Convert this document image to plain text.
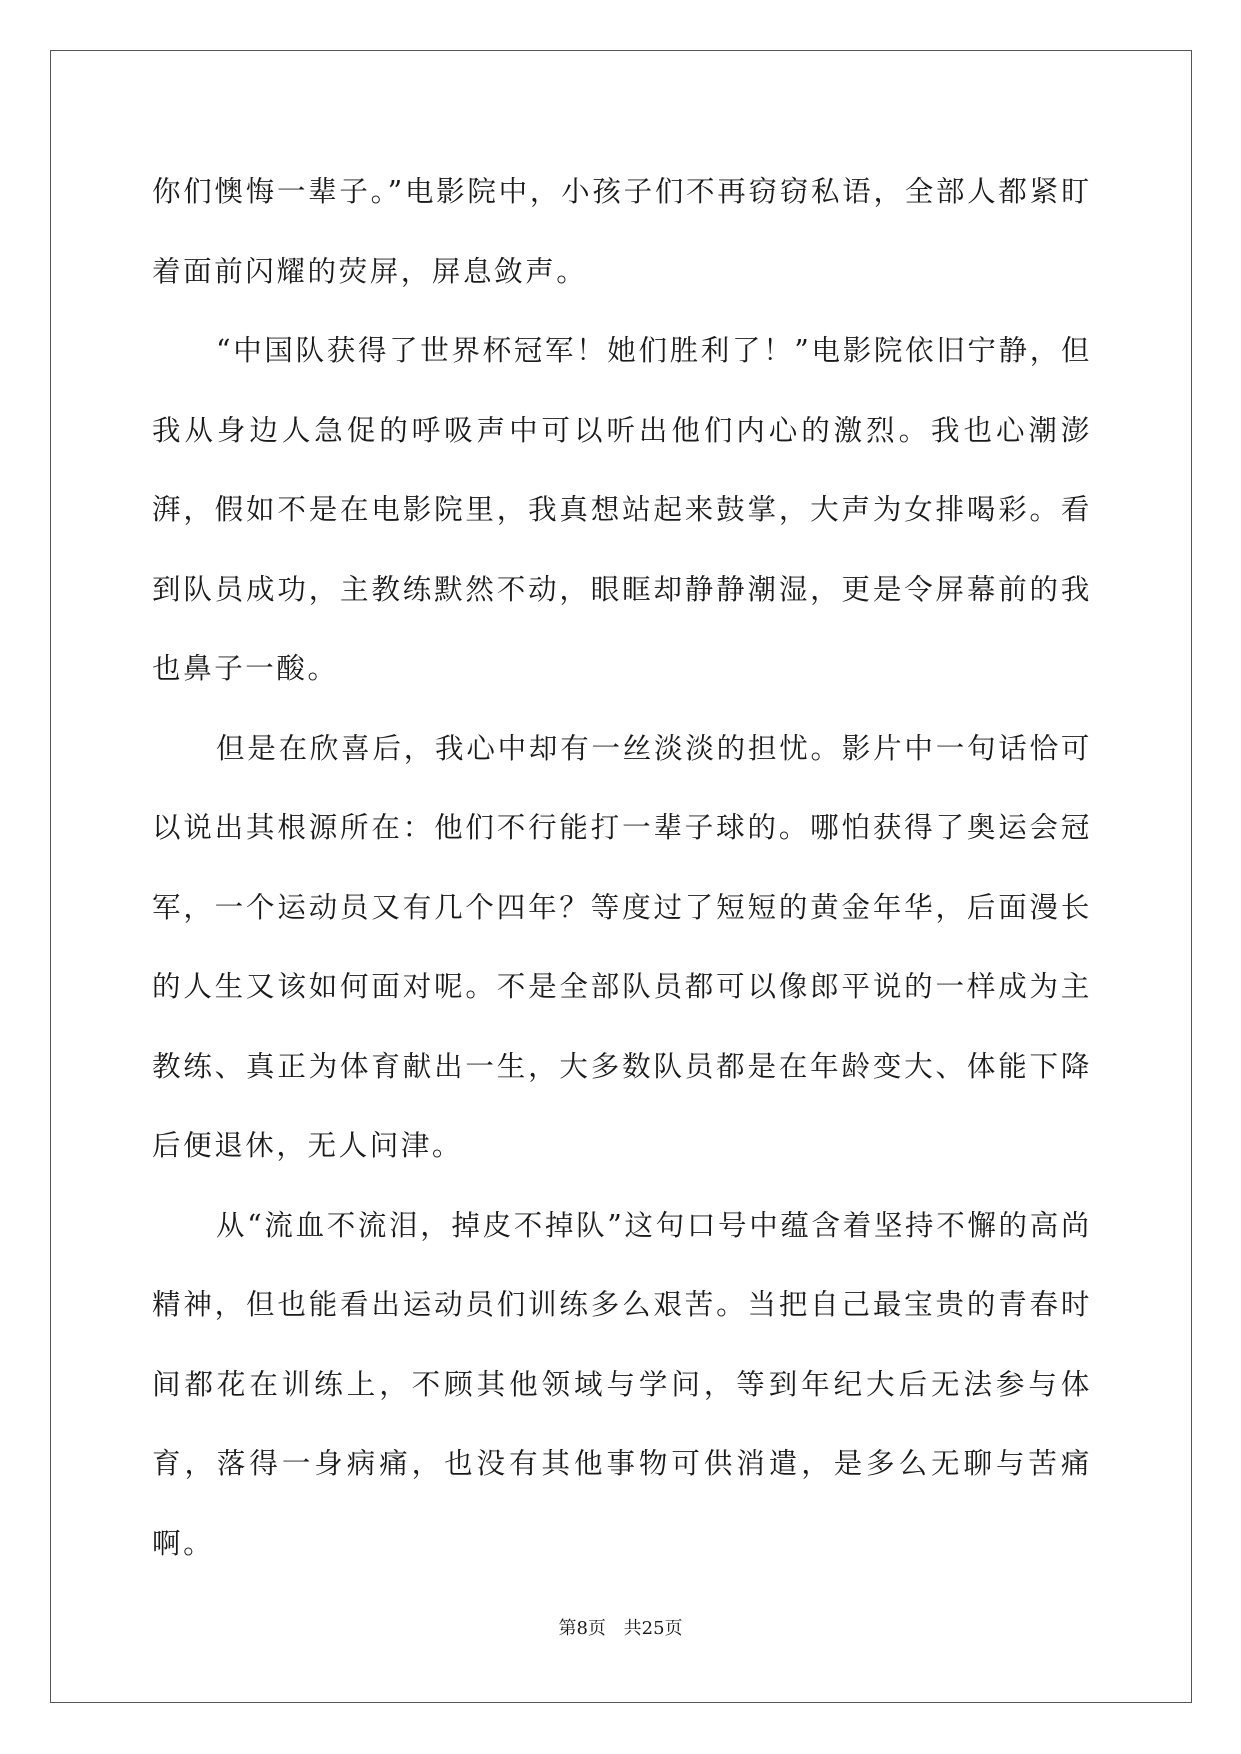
你们懊悔一辈子。”电影院中，小孩子们不再窃窃私语，全部人都紧盯着面前闪耀的荧屏，屏息敛声。

“中国队获得了世界杯冠军！她们胜利了！”电影院依旧宁静，但我从身边人急促的呼吸声中可以听出他们内心的激烈。我也心潮澎湃，假如不是在电影院里，我真想站起来鼓掌，大声为女排喝彩。看到队员成功，主教练默然不动，眼眶却静静潮湿，更是令屏幕前的我也鼻子一酸。

但是在欣喜后，我心中却有一丝淡淡的担忧。影片中一句话恰可以说出其根源所在：他们不行能打一辈子球的。哪怕获得了奥运会冠军，一个运动员又有几个四年？等度过了短短的黄金年华，后面漫长的人生又该如何面对呢。不是全部队员都可以像郎平说的一样成为主教练、真正为体育献出一生，大多数队员都是在年龄变大、体能下降后便退休，无人问津。

从“流血不流泪，掉皮不掉队”这句口号中蕴含着坚持不懈的高尚精神，但也能看出运动员们训练多么艰苦。当把自己最宝贵的青春时间都花在训练上，不顾其他领域与学问，等到年纪大后无法参与体育，落得一身病痛，也没有其他事物可供消遣，是多么无聊与苦痛啊。

第8页 共25页
